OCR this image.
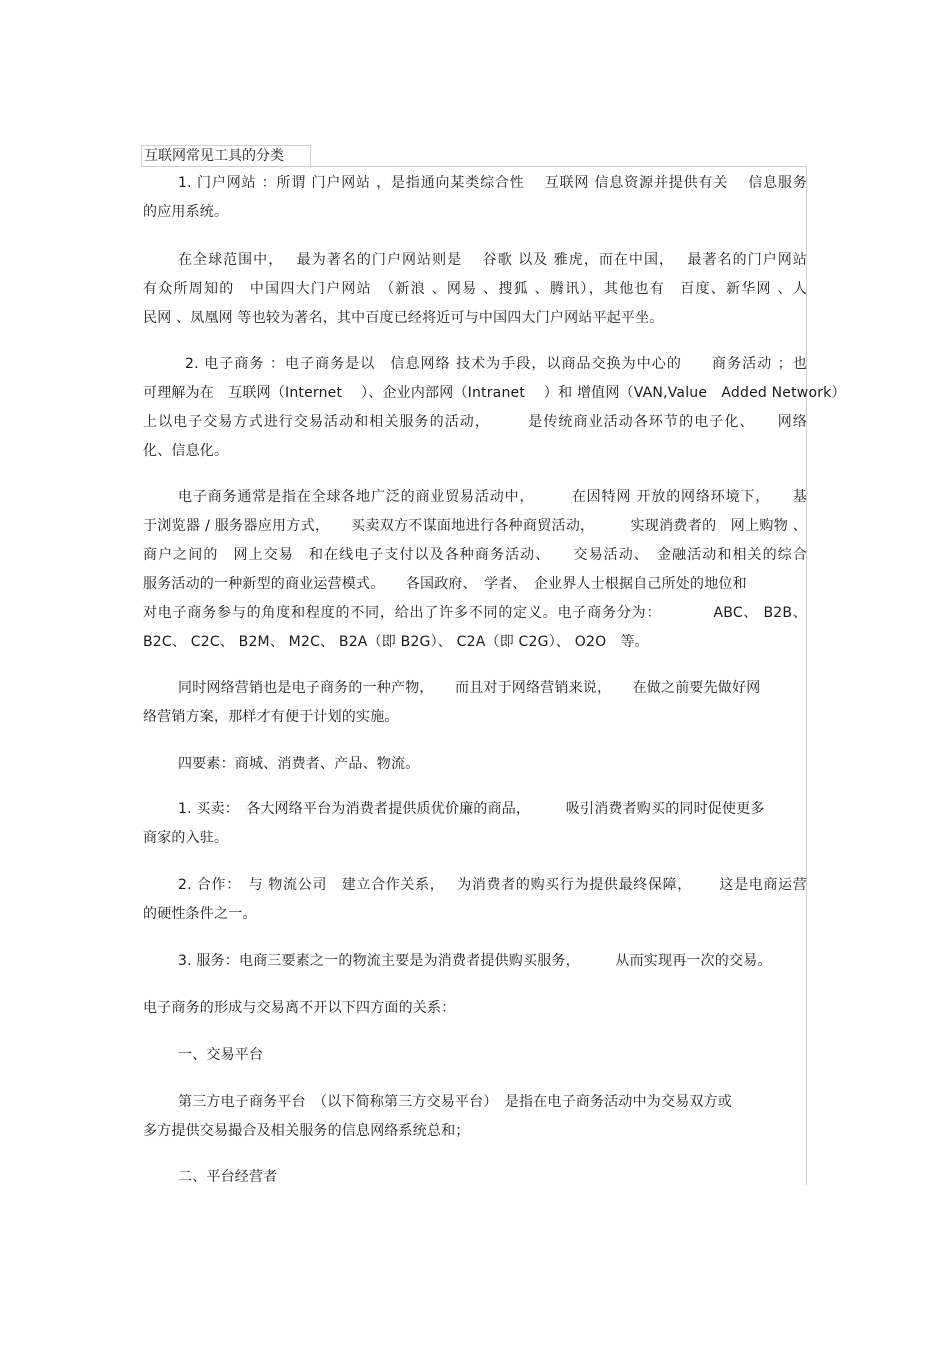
互联网常见工具的分类
1. 门户网站 ：所谓 门户网站 ，是指通向某类综合性　 互联网 信息资源并提供有关　 信息服务
的应用系统。
在全球范围中，　 最为著名的门户网站则是　 谷歌 以及 雅虎，而在中国，　 最著名的门户网站
有众所周知的　中国四大门户网站　（新浪 、网易 、搜狐 、腾讯），其他也有　百度、新华网 、人
民网 、凤凰网 等也较为著名，其中百度已经将近可与中国四大门户网站平起平坐。
2. 电子商务 ：电子商务是以　信息网络 技术为手段，以商品交换为中心的　　商务活动 ；也
可理解为在　互联网（Internet　 ）、企业内部网（Intranet　 ）和 增值网（VAN,Value　Added Network）
上以电子交易方式进行交易活动和相关服务的活动，　　　是传统商业活动各环节的电子化、　　网络
化、信息化。
电子商务通常是指在全球各地广泛的商业贸易活动中，　　　在因特网 开放的网络环境下，　　基
于浏览器 / 服务器应用方式，　　买卖双方不谋面地进行各种商贸活动，　　　实现消费者的　网上购物 、
商户之间的　网上交易　和在线电子支付以及各种商务活动、　　交易活动、　金融活动和相关的综合
服务活动的一种新型的商业运营模式。　　各国政府、　学者、　企业界人士根据自己所处的地位和
对电子商务参与的角度和程度的不同，给出了许多不同的定义。电子商务分为：　　　　ABC、 B2B、
B2C、 C2C、 B2M、 M2C、 B2A（即 B2G）、 C2A（即 C2G）、 O2O　等。
同时网络营销也是电子商务的一种产物，　　而且对于网络营销来说，　　在做之前要先做好网
络营销方案，那样才有便于计划的实施。
四要素：商城、消费者、产品、物流。
1. 买卖：　各大网络平台为消费者提供质优价廉的商品，　　　吸引消费者购买的同时促使更多
商家的入驻。
2. 合作：　与 物流公司　建立合作关系，　 为消费者的购买行为提供最终保障，　　 这是电商运营
的硬性条件之一。
3. 服务：电商三要素之一的物流主要是为消费者提供购买服务，　　　从而实现再一次的交易。
电子商务的形成与交易离不开以下四方面的关系：
一、交易平台
第三方电子商务平台　（以下简称第三方交易平台）　是指在电子商务活动中为交易双方或
多方提供交易撮合及相关服务的信息网络系统总和；
二、平台经营者
